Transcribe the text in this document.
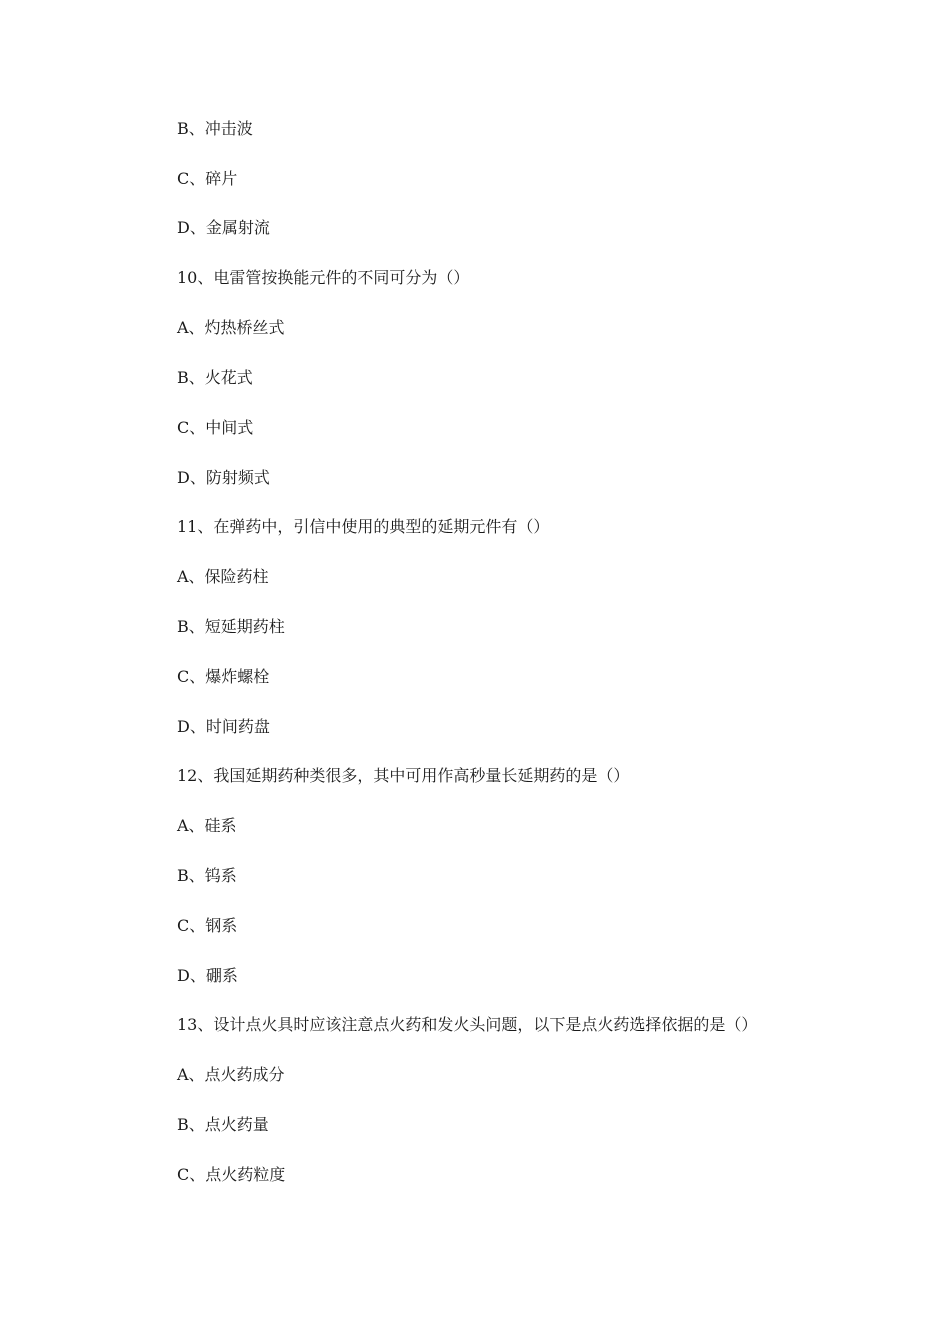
B、冲击波
C、碎片
D、金属射流
10、电雷管按换能元件的不同可分为（）
A、灼热桥丝式
B、火花式
C、中间式
D、防射频式
11、在弹药中，引信中使用的典型的延期元件有（）
A、保险药柱
B、短延期药柱
C、爆炸螺栓
D、时间药盘
12、我国延期药种类很多，其中可用作高秒量长延期药的是（）
A、硅系
B、钨系
C、钢系
D、硼系
13、设计点火具时应该注意点火药和发火头问题，以下是点火药选择依据的是（）
A、点火药成分
B、点火药量
C、点火药粒度
